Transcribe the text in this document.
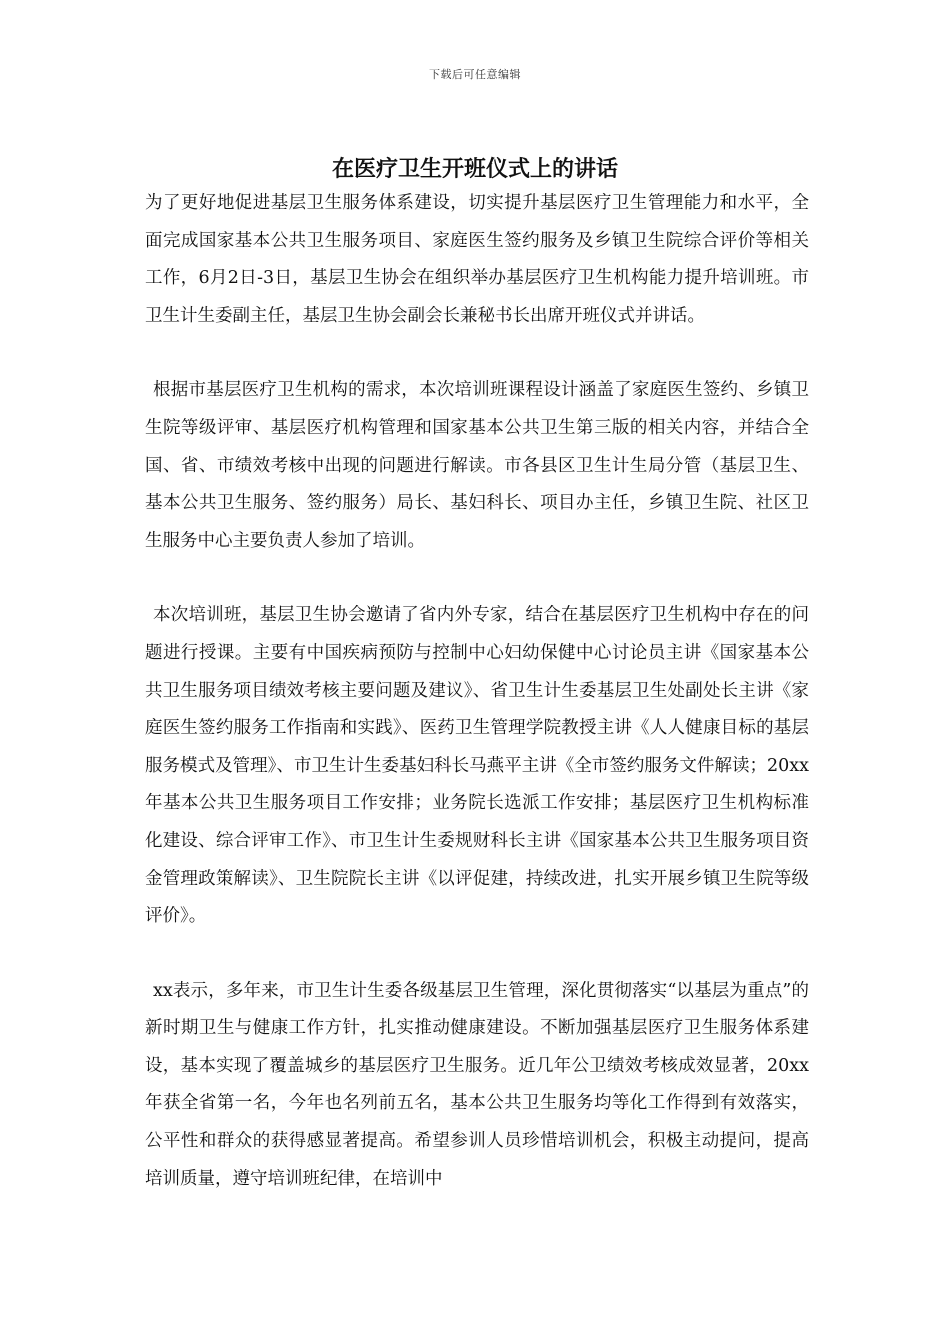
下载后可任意编辑
在医疗卫生开班仪式上的讲话

为了更好地促进基层卫生服务体系建设，切实提升基层医疗卫生管理能力和水平，全面完成国家基本公共卫生服务项目、家庭医生签约服务及乡镇卫生院综合评价等相关工作，6月2日-3日，基层卫生协会在组织举办基层医疗卫生机构能力提升培训班。市卫生计生委副主任，基层卫生协会副会长兼秘书长出席开班仪式并讲话。

根据市基层医疗卫生机构的需求，本次培训班课程设计涵盖了家庭医生签约、乡镇卫生院等级评审、基层医疗机构管理和国家基本公共卫生第三版的相关内容，并结合全国、省、市绩效考核中出现的问题进行解读。市各县区卫生计生局分管（基层卫生、基本公共卫生服务、签约服务）局长、基妇科长、项目办主任，乡镇卫生院、社区卫生服务中心主要负责人参加了培训。

本次培训班，基层卫生协会邀请了省内外专家，结合在基层医疗卫生机构中存在的问题进行授课。主要有中国疾病预防与控制中心妇幼保健中心讨论员主讲《国家基本公共卫生服务项目绩效考核主要问题及建议》、省卫生计生委基层卫生处副处长主讲《家庭医生签约服务工作指南和实践》、医药卫生管理学院教授主讲《人人健康目标的基层服务模式及管理》、市卫生计生委基妇科长马燕平主讲《全市签约服务文件解读；20xx年基本公共卫生服务项目工作安排；业务院长选派工作安排；基层医疗卫生机构标准化建设、综合评审工作》、市卫生计生委规财科长主讲《国家基本公共卫生服务项目资金管理政策解读》、卫生院院长主讲《以评促建，持续改进，扎实开展乡镇卫生院等级评价》。

xx表示，多年来，市卫生计生委各级基层卫生管理，深化贯彻落实“以基层为重点”的新时期卫生与健康工作方针，扎实推动健康建设。不断加强基层医疗卫生服务体系建设，基本实现了覆盖城乡的基层医疗卫生服务。近几年公卫绩效考核成效显著，20xx年获全省第一名，今年也名列前五名，基本公共卫生服务均等化工作得到有效落实，公平性和群众的获得感显著提高。希望参训人员珍惜培训机会，积极主动提问，提高培训质量，遵守培训班纪律，在培训中
